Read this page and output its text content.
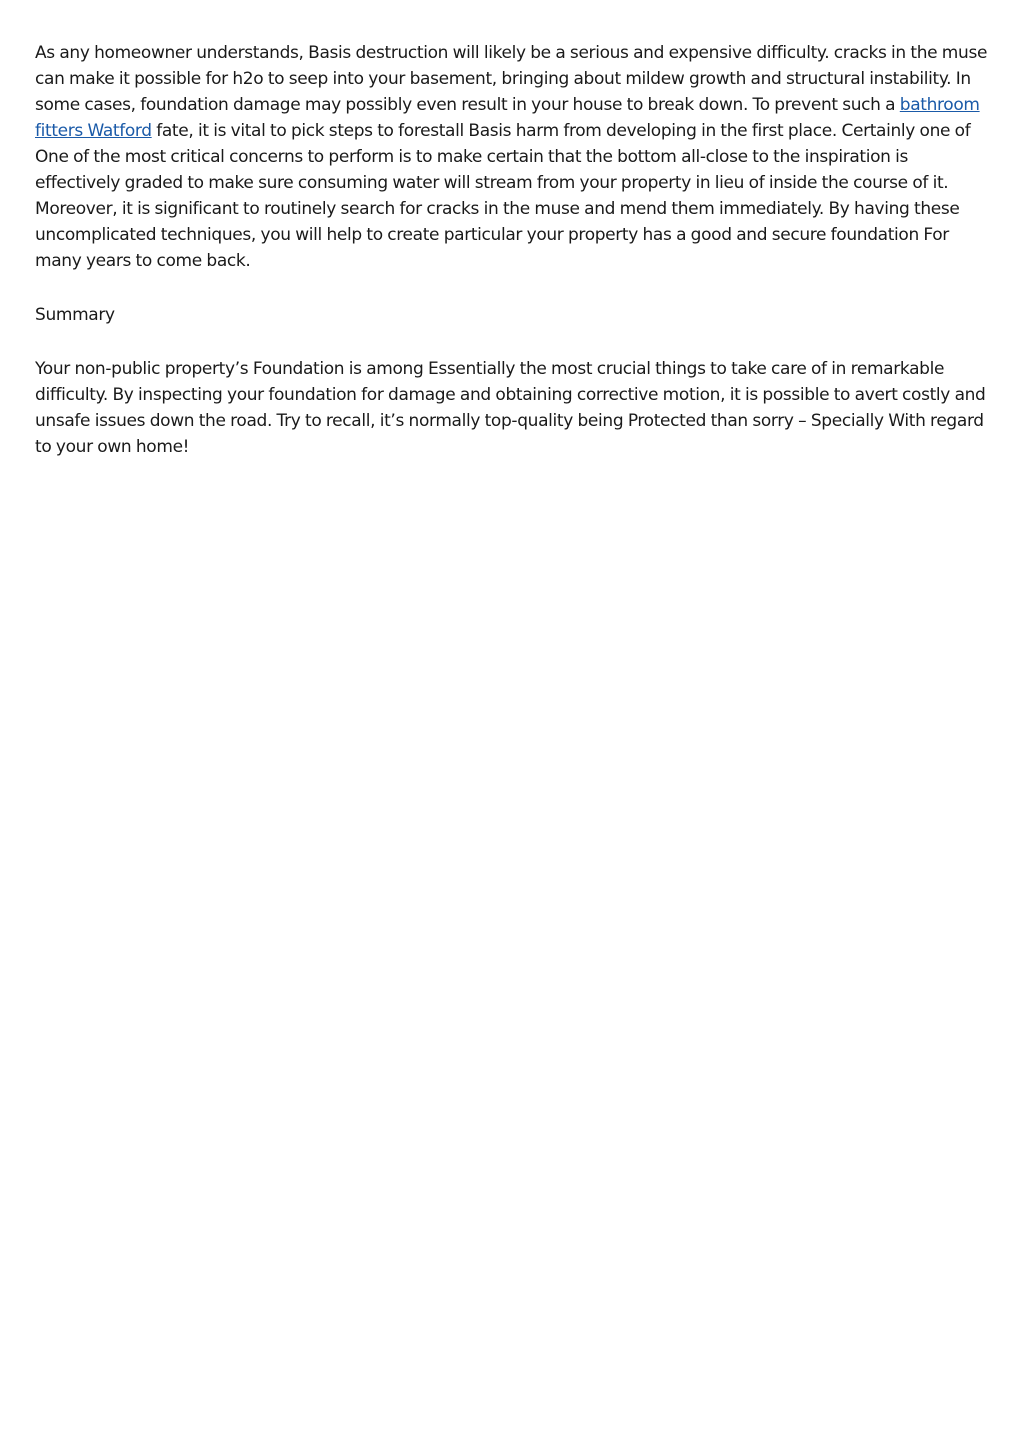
As any homeowner understands, Basis destruction will likely be a serious and expensive difficulty. cracks in the muse can make it possible for h2o to seep into your basement, bringing about mildew growth and structural instability. In some cases, foundation damage may possibly even result in your house to break down. To prevent such a bathroom fitters Watford fate, it is vital to pick steps to forestall Basis harm from developing in the first place. Certainly one of One of the most critical concerns to perform is to make certain that the bottom all-close to the inspiration is effectively graded to make sure consuming water will stream from your property in lieu of inside the course of it. Moreover, it is significant to routinely search for cracks in the muse and mend them immediately. By having these uncomplicated techniques, you will help to create particular your property has a good and secure foundation For many years to come back.

Summary

Your non-public property’s Foundation is among Essentially the most crucial things to take care of in remarkable difficulty. By inspecting your foundation for damage and obtaining corrective motion, it is possible to avert costly and unsafe issues down the road. Try to recall, it’s normally top-quality being Protected than sorry – Specially With regard to your own home!
